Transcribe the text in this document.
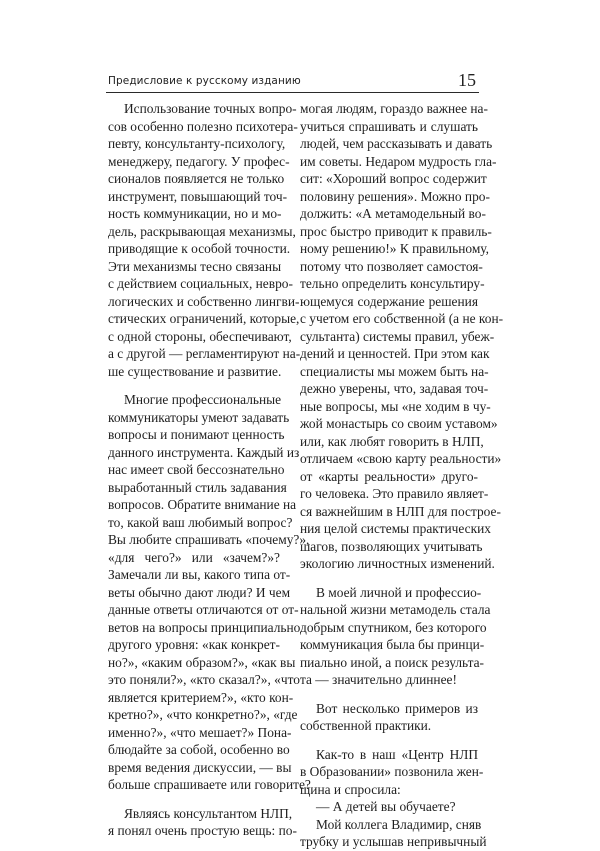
Предисловие к русскому изданию	15
Использование точных вопро-
сов особенно полезно психотера-
певту, консультанту-психологу,
менеджеру, педагогу. У профес-
сионалов появляется не только
инструмент, повышающий точ-
ность коммуникации, но и мо-
дель, раскрывающая механизмы,
приводящие к особой точности.
Эти механизмы тесно связаны
с действием социальных, невро-
логических и собственно лингви-
стических ограничений, которые,
с одной стороны, обеспечивают,
а с другой — регламентируют на-
ше существование и развитие.
Многие профессиональные
коммуникаторы умеют задавать
вопросы и понимают ценность
данного инструмента. Каждый из
нас имеет свой бессознательно
выработанный стиль задавания
вопросов. Обратите внимание на
то, какой ваш любимый вопрос?
Вы любите спрашивать «почему?»,
«для чего?» или «зачем?»?
Замечали ли вы, какого типа от-
веты обычно дают люди? И чем
данные ответы отличаются от от-
ветов на вопросы принципиально
другого уровня: «как конкрет-
но?», «каким образом?», «как вы
это поняли?», «кто сказал?», «что
является критерием?», «кто кон-
кретно?», «что конкретно?», «где
именно?», «что мешает?» Пона-
блюдайте за собой, особенно во
время ведения дискуссии, — вы
больше спрашиваете или говорите?
Являясь консультантом НЛП,
я понял очень простую вещь: по-
могая людям, гораздо важнее на-
учиться спрашивать и слушать
людей, чем рассказывать и давать
им советы. Недаром мудрость гла-
сит: «Хороший вопрос содержит
половину решения». Можно про-
должить: «А метамодельный во-
прос быстро приводит к правиль-
ному решению!» К правильному,
потому что позволяет самостоя-
тельно определить консультиру-
ющемуся содержание решения
с учетом его собственной (а не кон-
сультанта) системы правил, убеж-
дений и ценностей. При этом как
специалисты мы можем быть на-
дежно уверены, что, задавая точ-
ные вопросы, мы «не ходим в чу-
жой монастырь со своим уставом»
или, как любят говорить в НЛП,
отличаем «свою карту реальности»
от «карты реальности» друго-
го человека. Это правило являет-
ся важнейшим в НЛП для построе-
ния целой системы практических
шагов, позволяющих учитывать
экологию личностных изменений.
В моей личной и профессио-
нальной жизни метамодель стала
добрым спутником, без которого
коммуникация была бы принци-
пиально иной, а поиск результа-
та — значительно длиннее!
Вот несколько примеров из
собственной практики.
Как-то в наш «Центр НЛП
в Образовании» позвонила жен-
щина и спросила:
— А детей вы обучаете?
Мой коллега Владимир, сняв
трубку и услышав непривычный
